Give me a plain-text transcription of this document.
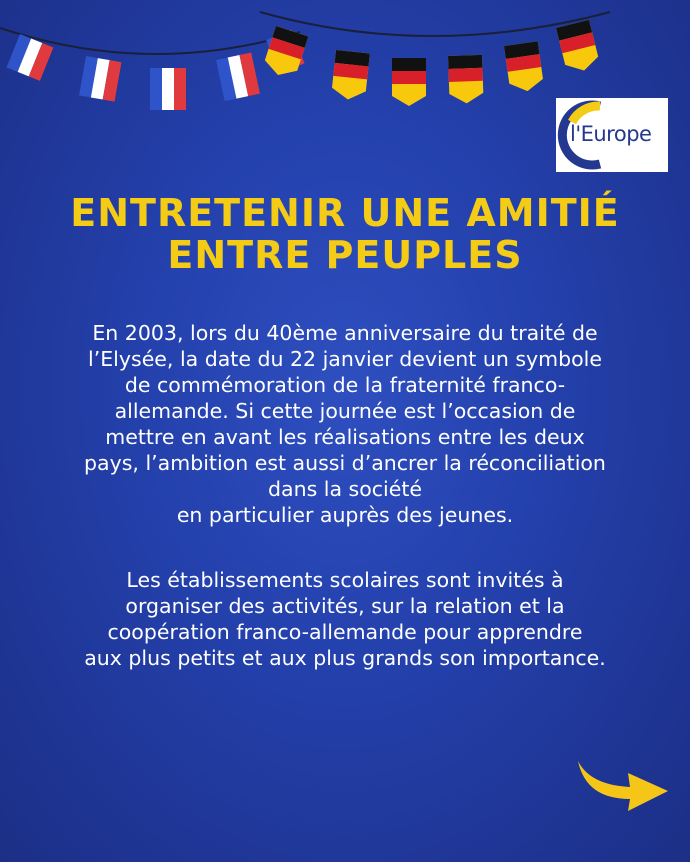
l'Europe
ENTRETENIR UNE AMITIÉ
ENTRE PEUPLES
En 2003, lors du 40ème anniversaire du traité de
l’Elysée, la date du 22 janvier devient un symbole
de commémoration de la fraternité franco-
allemande. Si cette journée est l’occasion de
mettre en avant les réalisations entre les deux
pays, l’ambition est aussi d’ancrer la réconciliation
dans la société
en particulier auprès des jeunes.
Les établissements scolaires sont invités à
organiser des activités, sur la relation et la
coopération franco-allemande pour apprendre
aux plus petits et aux plus grands son importance.
